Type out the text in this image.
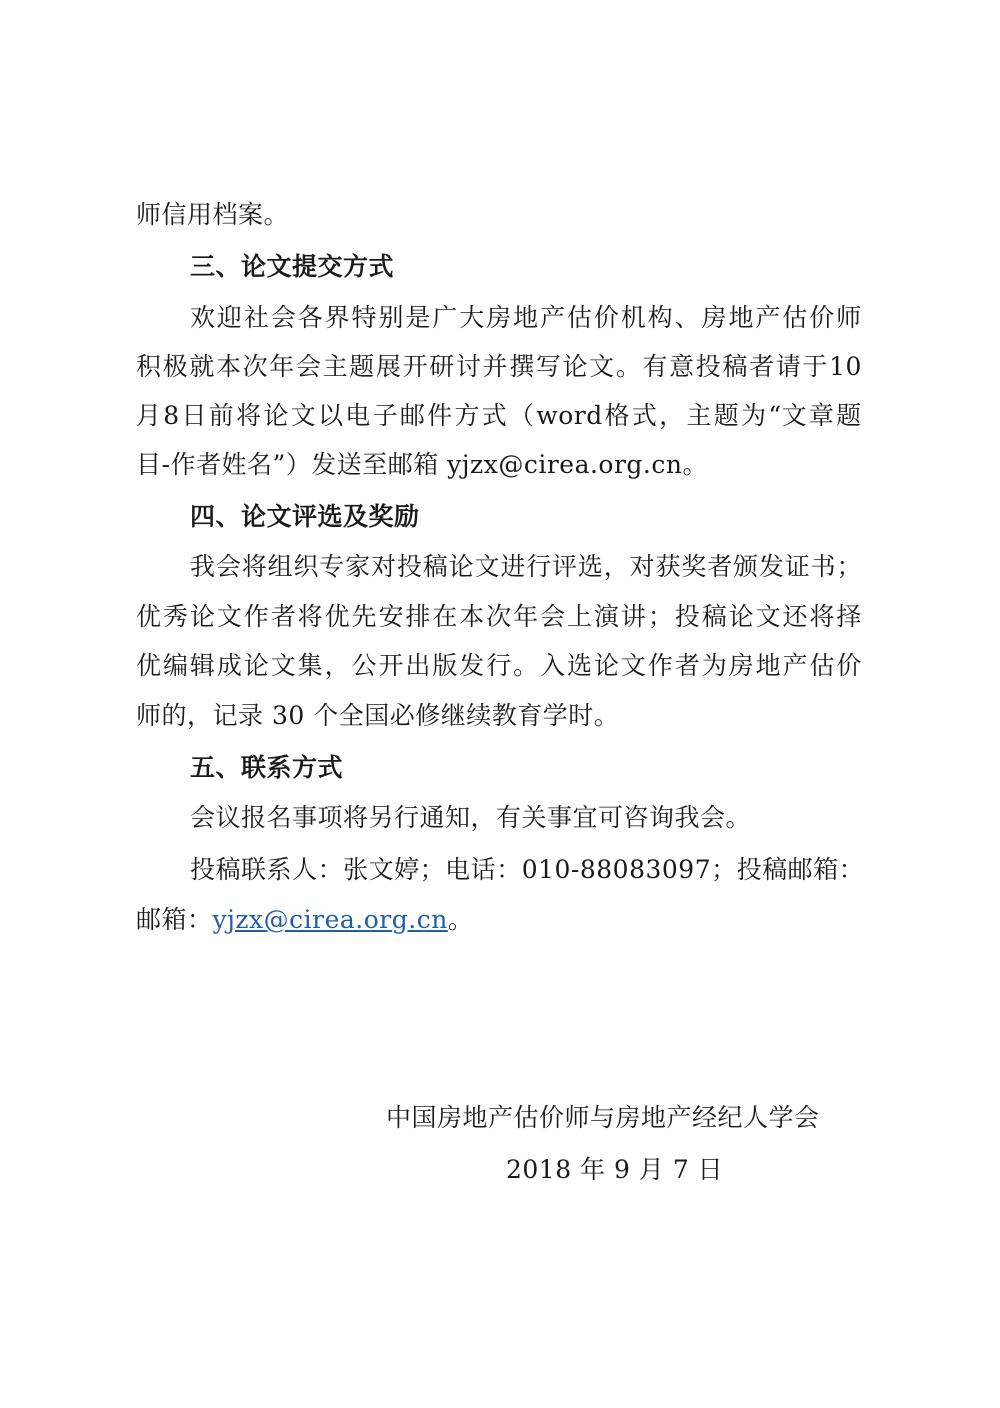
师信用档案。
三、论文提交方式
欢 迎 社 会 各 界 特 别 是 广 大 房 地 产 估 价 机 构 、 房 地 产 估 价 师
积 极 就 本 次 年 会 主 题 展 开 研 讨 并 撰 写 论 文 。 有 意 投 稿 者 请 于 10
月 8 日 前 将 论 文 以 电 子 邮 件 方 式 （ word 格 式 ， 主 题 为 “文 章 题
目-作者姓名”）发送至邮箱 yjzx@cirea.org.cn。
四、论文评选及奖励
我 会 将 组 织 专 家 对 投 稿 论 文 进 行 评 选 ， 对 获 奖 者 颁 发 证 书 ；
优 秀 论 文 作 者 将 优 先 安 排 在 本 次 年 会 上 演 讲 ； 投 稿 论 文 还 将 择
优 编 辑 成 论 文 集 ， 公 开 出 版 发 行 。 入 选 论 文 作 者 为 房 地 产 估 价
师的，记录 30 个全国必修继续教育学时。
五、联系方式
会议报名事项将另行通知，有关事宜可咨询我会。
投 稿 联 系 人 ： 张 文 婷 ； 电 话 ： 010-88083097 ； 投 稿 邮 箱 ：
邮箱：yjzx@cirea.org.cn。
中国房地产估价师与房地产经纪人学会
2018 年 9 月 7 日
